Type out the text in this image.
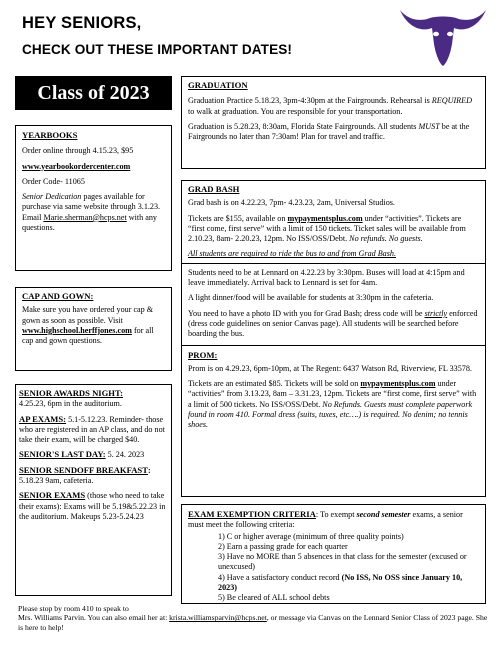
HEY SENIORS,
CHECK OUT THESE IMPORTANT DATES!
Class of 2023
YEARBOOKS

Order online through 4.15.23, $95

www.yearbookordercenter.com

Order Code- 11065

Senior Dedication pages available for purchase via same website through 3.1.23. Email Marie.sherman@hcps.net with any questions.

CAP AND GOWN:

Make sure you have ordered your cap & gown as soon as possible. Visit
www.highschool.herffjones.com for all cap and gown questions.

SENIOR AWARDS NIGHT:
4.25.23, 6pm in the auditorium.

AP EXAMS: 5.1-5.12.23. Reminder- those who are registered in an AP class, and do not take their exam, will be charged $40.

SENIOR'S LAST DAY: 5. 24. 2023

SENIOR SENDOFF BREAKFAST:
5.18.23 9am, cafeteria.

SENIOR EXAMS (those who need to take their exams): Exams will be 5.19&5.22.23 in the auditorium. Makeups 5.23-5.24.23

GRADUATION

Graduation Practice 5.18.23, 3pm-4:30pm at the Fairgrounds. Rehearsal is REQUIRED to walk at graduation. You are responsible for your transportation.

Graduation is 5.28.23, 8:30am, Florida State Fairgrounds. All students MUST be at the Fairgrounds no later than 7:30am! Plan for travel and traffic.

GRAD BASH

Grad bash is on 4.22.23, 7pm- 4.23.23, 2am, Universal Studios.

Tickets are $155, available on mypaymentsplus.com under “activities”. Tickets are “first come, first serve” with a limit of 150 tickets. Ticket sales will be available from 2.10.23, 8am- 2.20.23, 12pm. No ISS/OSS/Debt. No refunds. No guests.

All students are required to ride the bus to and from Grad Bash.

Students need to be at Lennard on 4.22.23 by 3:30pm. Buses will load at 4:15pm and leave immediately. Arrival back to Lennard is set for 4am.

A light dinner/food will be available for students at 3:30pm in the cafeteria.

You need to have a photo ID with you for Grad Bash; dress code will be strictly enforced (dress code guidelines on senior Canvas page). All students will be searched before boarding the bus.

PROM:

Prom is on 4.29.23, 6pm-10pm, at The Regent: 6437 Watson Rd, Riverview, FL 33578.

Tickets are an estimated $85. Tickets will be sold on mypaymentsplus.com under “activities” from 3.13.23, 8am – 3.31.23, 12pm. Tickets are “first come, first serve” with a limit of 500 tickets. No ISS/OSS/Debt. No Refunds. Guests must complete paperwork found in room 410. Formal dress (suits, tuxes, etc….) is required. No denim; no tennis shoes.

EXAM EXEMPTION CRITERIA: To exempt second semester exams, a senior must meet the following criteria:

1) C or higher average (minimum of three quality points)
2) Earn a passing grade for each quarter
3) Have no MORE than 5 absences in that class for the semester (excused or unexcused)
4) Have a satisfactory conduct record (No ISS, No OSS since January 10, 2023)
5) Be cleared of ALL school debts
Please stop by room 410 to speak to
Mrs. Williams Parvin. You can also email her at: krista.williamsparvin@hcps.net, or message via Canvas on the Lennard Senior Class of 2023 page. She is here to help!
